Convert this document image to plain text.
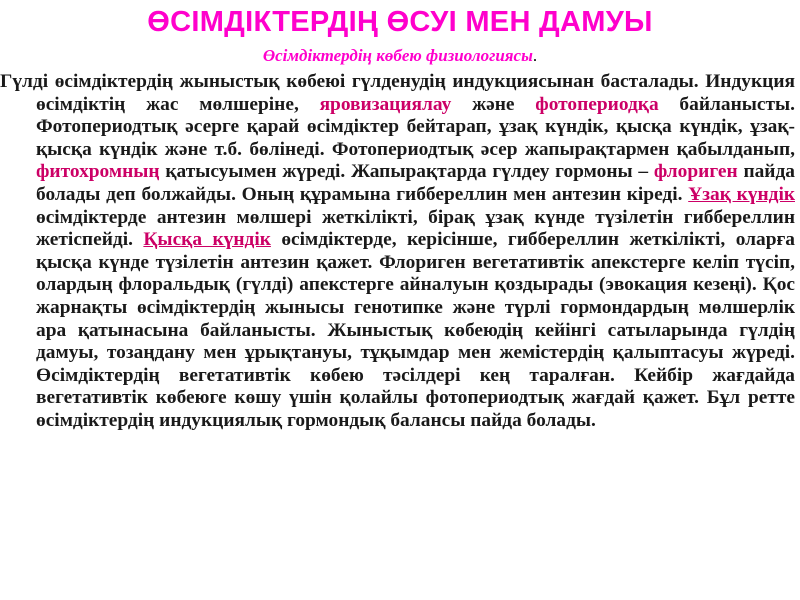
ӨСІМДІКТЕРДІҢ ӨСУІ МЕН ДАМУЫ
Өсімдіктердің көбею физиологиясы.

Гүлді өсімдіктердің жыныстық көбеюі гүлденудің индукциясынан басталады. Индукция өсімдіктің жас мөлшеріне, яровизациялау және фотопериодқа байланысты. Фотопериодтық әсерге қарай өсімдіктер бейтарап, ұзақ күндік, қысқа күндік, ұзақ-қысқа күндік және т.б. бөлінеді. Фотопериодтық әсер жапырақтармен қабылданып, фитохромның қатысуымен жүреді. Жапырақтарда гүлдеу гормоны – флориген пайда болады деп болжайды. Оның құрамына гиббереллин мен антезин кіреді. Ұзақ күндік өсімдіктерде антезин мөлшері жеткілікті, бірақ ұзақ күнде түзілетін гиббереллин жетіспейді. Қысқа күндік өсімдіктерде, керісінше, гиббереллин жеткілікті, оларға қысқа күнде түзілетін антезин қажет. Флориген вегетативтік апекстерге келіп түсіп, олардың флоральдық (гүлді) апекстерге айналуын қоздырады (эвокация кезеңі). Қос жарнақты өсімдіктердің жынысы генотипке және түрлі гормондардың мөлшерлік ара қатынасына байланысты. Жыныстық көбеюдің кейінгі сатыларында гүлдің дамуы, тозаңдану мен ұрықтануы, тұқымдар мен жемістердің қалыптасуы жүреді. Өсімдіктердің вегетативтік көбею тәсілдері кең таралған. Кейбір жағдайда вегетативтік көбеюге көшу үшін қолайлы фотопериодтық жағдай қажет. Бұл ретте өсімдіктердің индукциялық гормондық балансы пайда болады.
